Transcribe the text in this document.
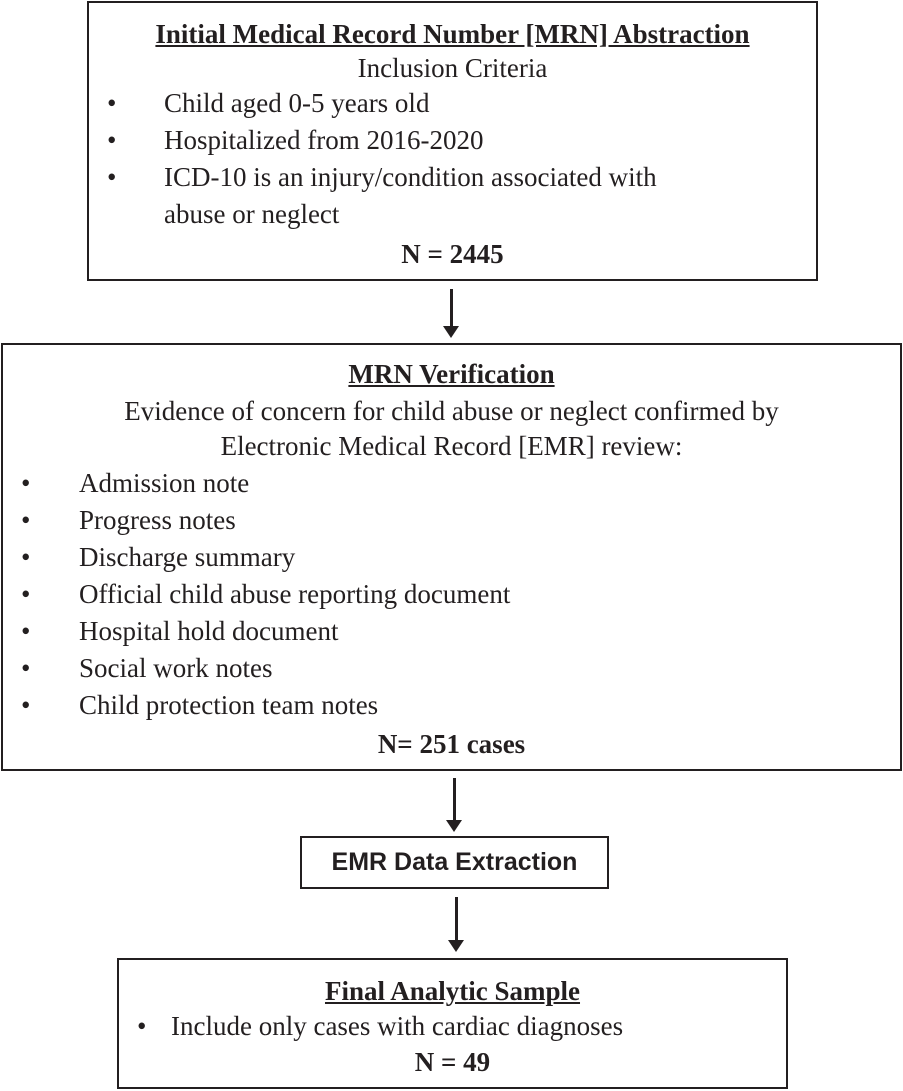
Initial Medical Record Number [MRN] Abstraction
Inclusion Criteria
• Child aged 0-5 years old
• Hospitalized from 2016-2020
• ICD-10 is an injury/condition associated with
abuse or neglect
N = 2445
MRN Verification
Evidence of concern for child abuse or neglect confirmed by
Electronic Medical Record [EMR] review:
• Admission note
• Progress notes
• Discharge summary
• Official child abuse reporting document
• Hospital hold document
• Social work notes
• Child protection team notes
N= 251 cases
EMR Data Extraction
Final Analytic Sample
• Include only cases with cardiac diagnoses
N = 49
